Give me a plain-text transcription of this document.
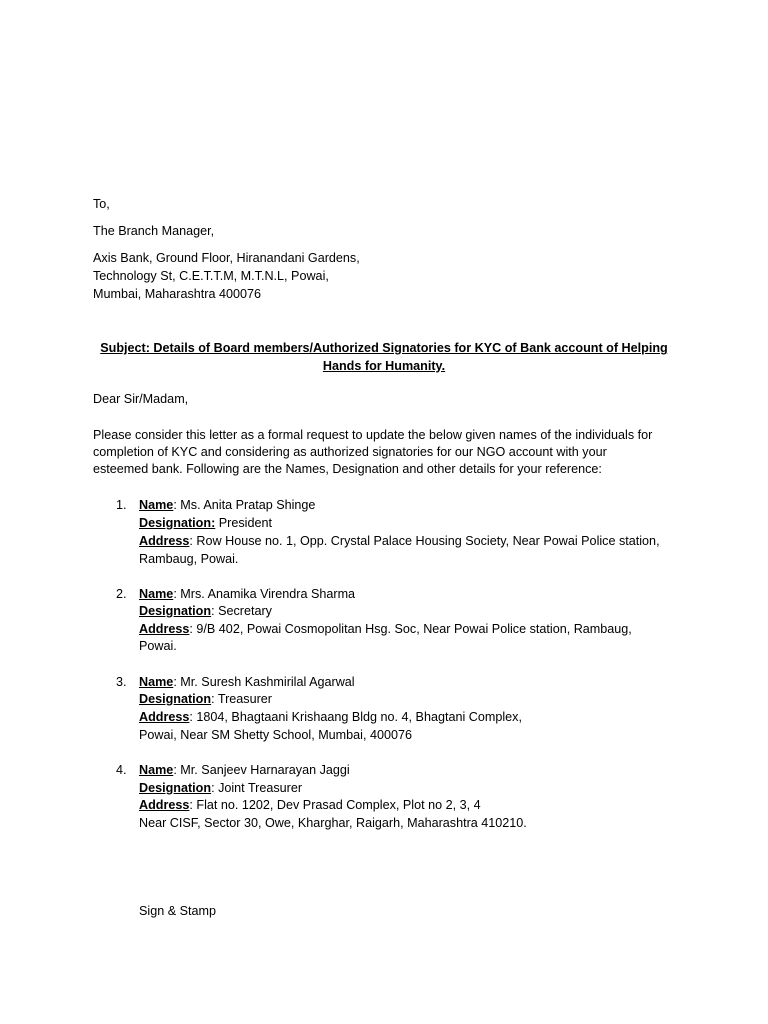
To,
The Branch Manager,
Axis Bank, Ground Floor, Hiranandani Gardens,
Technology St, C.E.T.T.M, M.T.N.L, Powai,
Mumbai, Maharashtra 400076
Subject: Details of Board members/Authorized Signatories for KYC of Bank account of Helping
Hands for Humanity.
Dear Sir/Madam,
Please consider this letter as a formal request to update the below given names of the individuals for
completion of KYC and considering as authorized signatories for our NGO account with your
esteemed bank. Following are the Names, Designation and other details for your reference:
1. Name: Ms. Anita Pratap Shinge
Designation: President
Address: Row House no. 1, Opp. Crystal Palace Housing Society, Near Powai Police station,
Rambaug, Powai.
2. Name: Mrs. Anamika Virendra Sharma
Designation: Secretary
Address: 9/B 402, Powai Cosmopolitan Hsg. Soc, Near Powai Police station, Rambaug,
Powai.
3. Name: Mr. Suresh Kashmirilal Agarwal
Designation: Treasurer
Address: 1804, Bhagtaani Krishaang Bldg no. 4, Bhagtani Complex,
Powai, Near SM Shetty School, Mumbai, 400076
4. Name: Mr. Sanjeev Harnarayan Jaggi
Designation: Joint Treasurer
Address: Flat no. 1202, Dev Prasad Complex, Plot no 2, 3, 4
Near CISF, Sector 30, Owe, Kharghar, Raigarh, Maharashtra 410210.
Sign & Stamp
